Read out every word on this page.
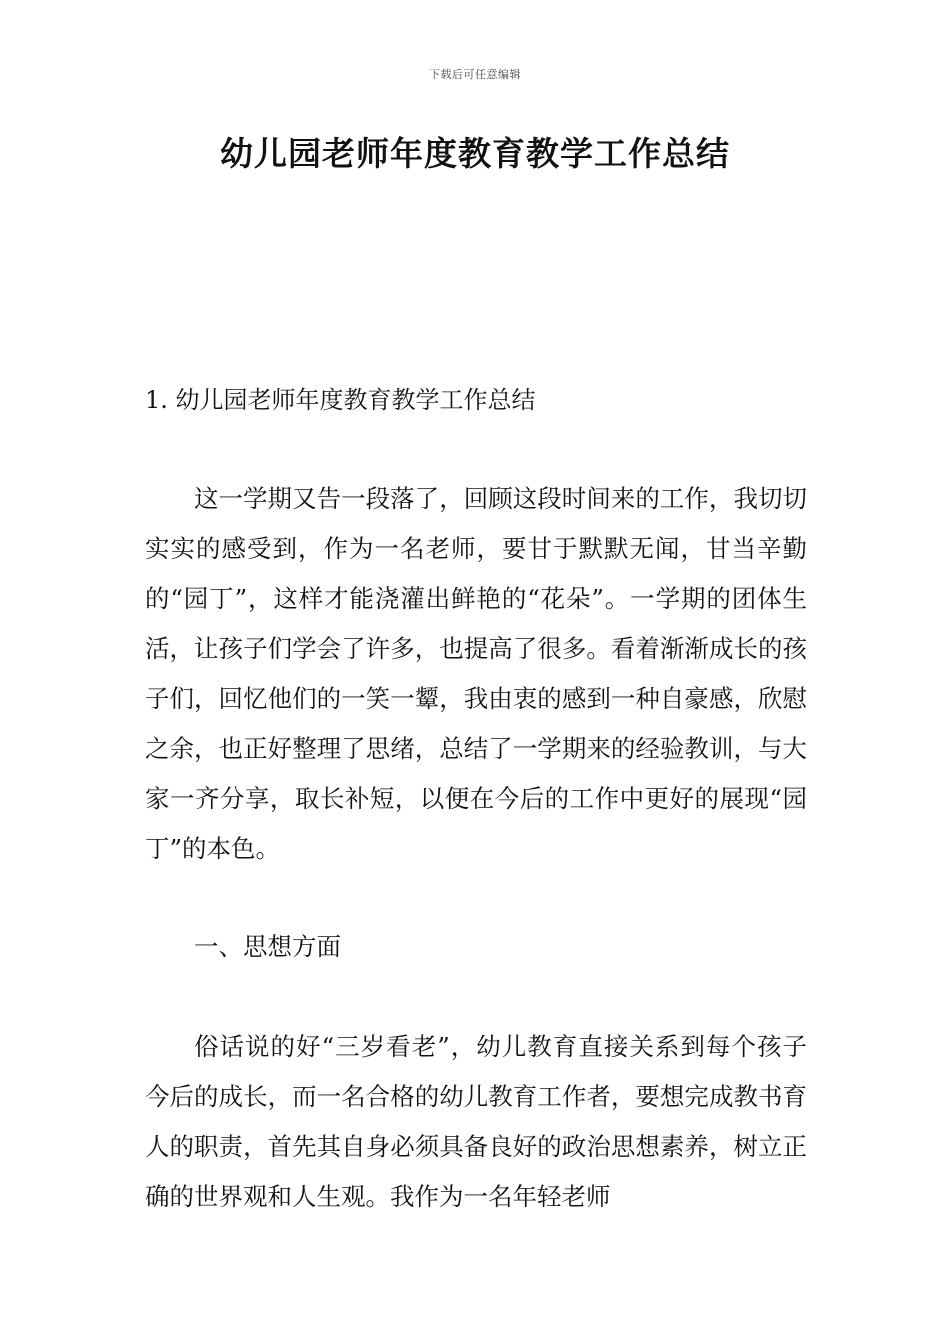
下载后可任意编辑
幼儿园老师年度教育教学工作总结
1. 幼儿园老师年度教育教学工作总结

这一学期又告一段落了，回顾这段时间来的工作，我切切实实的感受到，作为一名老师，要甘于默默无闻，甘当辛勤的“园丁”，这样才能浇灌出鲜艳的“花朵”。一学期的团体生活，让孩子们学会了许多，也提高了很多。看着渐渐成长的孩子们，回忆他们的一笑一颦，我由衷的感到一种自豪感，欣慰之余，也正好整理了思绪，总结了一学期来的经验教训，与大家一齐分享，取长补短，以便在今后的工作中更好的展现“园丁”的本色。

一、思想方面

俗话说的好“三岁看老”，幼儿教育直接关系到每个孩子今后的成长，而一名合格的幼儿教育工作者，要想完成教书育人的职责，首先其自身必须具备良好的政治思想素养，树立正确的世界观和人生观。我作为一名年轻老师
